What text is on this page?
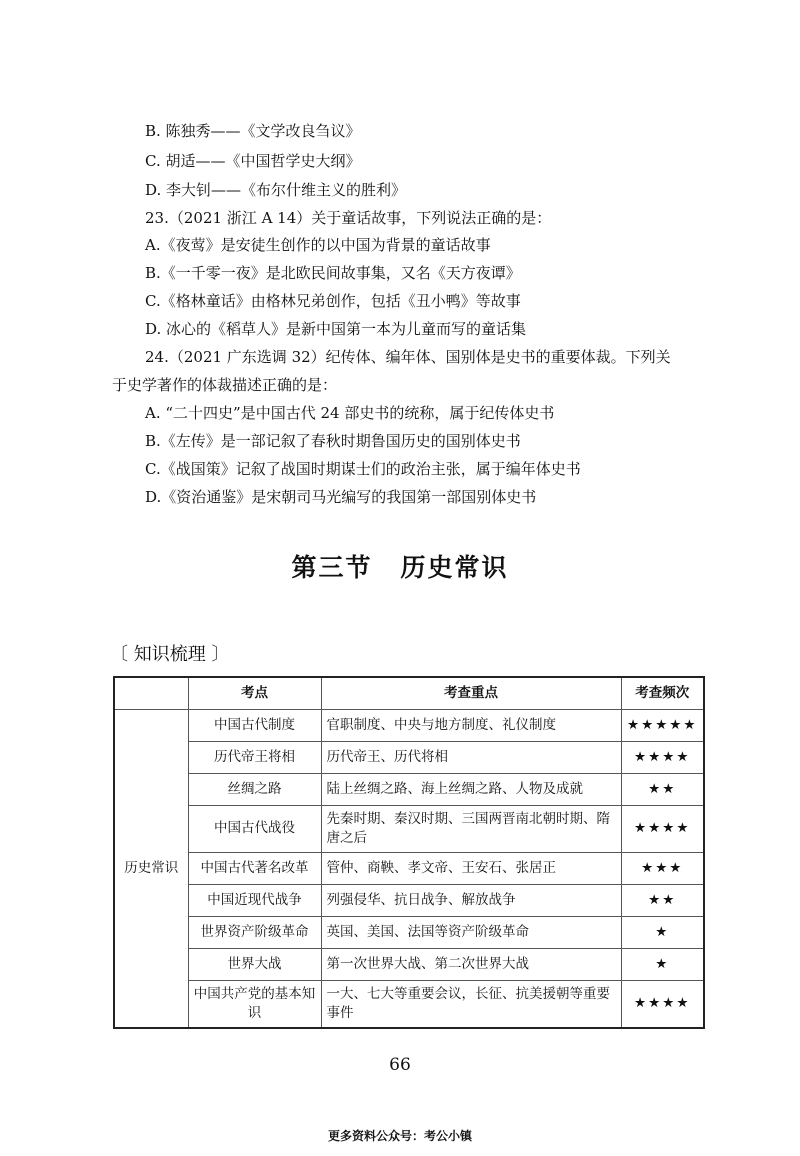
B. 陈独秀——《文学改良刍议》
C. 胡适——《中国哲学史大纲》
D. 李大钊——《布尔什维主义的胜利》
23.（2021 浙江 A 14）关于童话故事，下列说法正确的是：
A.《夜莺》是安徒生创作的以中国为背景的童话故事
B.《一千零一夜》是北欧民间故事集，又名《天方夜谭》
C.《格林童话》由格林兄弟创作，包括《丑小鸭》等故事
D. 冰心的《稻草人》是新中国第一本为儿童而写的童话集
24.（2021 广东选调 32）纪传体、编年体、国别体是史书的重要体裁。下列关
于史学著作的体裁描述正确的是：
A. “二十四史”是中国古代 24 部史书的统称，属于纪传体史书
B.《左传》是一部记叙了春秋时期鲁国历史的国别体史书
C.《战国策》记叙了战国时期谋士们的政治主张，属于编年体史书
D.《资治通鉴》是宋朝司马光编写的我国第一部国别体史书
第三节 历史常识
〔 知识梳理 〕
	考点	考查重点	考查频次
历史常识	中国古代制度	官职制度、中央与地方制度、礼仪制度	★★★★★
	历代帝王将相	历代帝王、历代将相	★★★★
	丝绸之路	陆上丝绸之路、海上丝绸之路、人物及成就	★★
	中国古代战役	先秦时期、秦汉时期、三国两晋南北朝时期、隋唐之后	★★★★
	中国古代著名改革	管仲、商鞅、孝文帝、王安石、张居正	★★★
	中国近现代战争	列强侵华、抗日战争、解放战争	★★
	世界资产阶级革命	英国、美国、法国等资产阶级革命	★
	世界大战	第一次世界大战、第二次世界大战	★
	中国共产党的基本知识	一大、七大等重要会议，长征、抗美援朝等重要事件	★★★★
66
更多资料公众号：考公小镇
